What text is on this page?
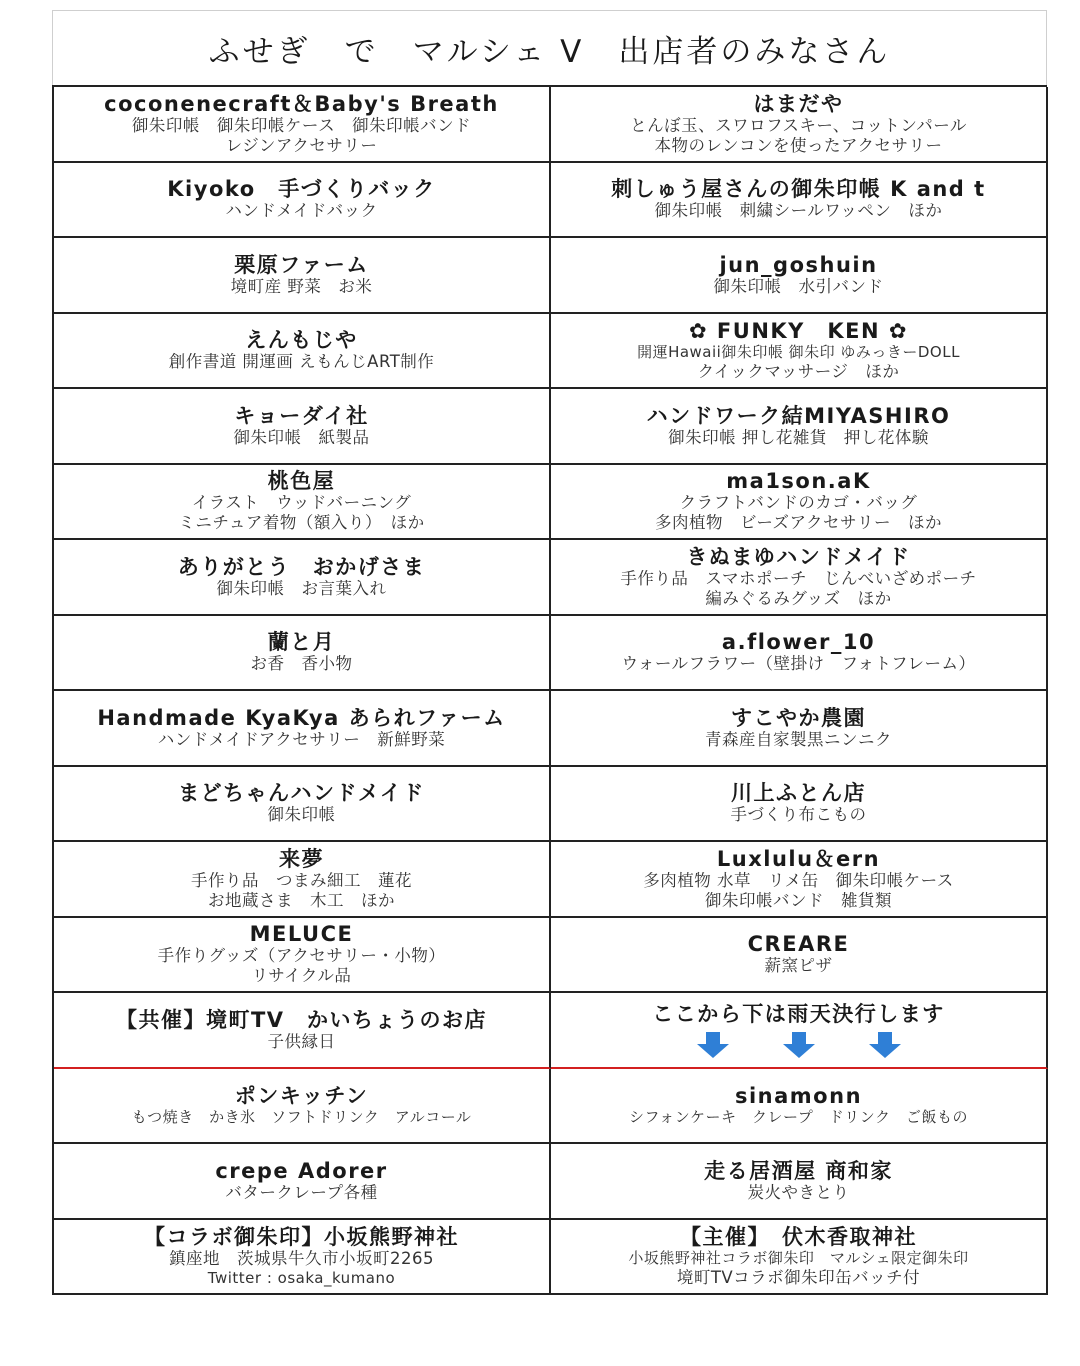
ふせぎ　で　マルシェ V　出店者のみなさん
coconenecraft＆Baby's Breath
御朱印帳　御朱印帳ケース　御朱印帳バンド
レジンアクセサリー
はまだや
とんぼ玉、スワロフスキー、コットンパール
本物のレンコンを使ったアクセサリー
Kiyoko　手づくりバック
ハンドメイドバック
刺しゅう屋さんの御朱印帳 K and t
御朱印帳　刺繍シールワッペン　ほか
栗原ファーム
境町産 野菜　お米
jun_goshuin
御朱印帳　水引バンド
えんもじや
創作書道 開運画 えもんじART制作
✿ FUNKY　KEN ✿
開運Hawaii御朱印帳 御朱印 ゆみっきーDOLL
クイックマッサージ　ほか
キョーダイ社
御朱印帳　紙製品
ハンドワーク結MIYASHIRO
御朱印帳 押し花雑貨　押し花体験
桃色屋
イラスト　ウッドバーニング
ミニチュア着物（額入り）　ほか
ma1son.aK
クラフトバンドのカゴ・バッグ
多肉植物　ビーズアクセサリー　ほか
ありがとう　おかげさま
御朱印帳　お言葉入れ
きぬまゆハンドメイド
手作り品　スマホポーチ　じんべいざめポーチ
編みぐるみグッズ　ほか
蘭と月
お香　香小物
a.flower_10
ウォールフラワー（壁掛け　フォトフレーム）
Handmade KyaKya あられファーム
ハンドメイドアクセサリー　新鮮野菜
すこやか農園
青森産自家製黒ニンニク
まどちゃんハンドメイド
御朱印帳
川上ふとん店
手づくり布こもの
来夢
手作り品　つまみ細工　蓮花
お地蔵さま　木工　ほか
Luxlulu＆ern
多肉植物 水草　リメ缶　御朱印帳ケース
御朱印帳バンド　雑貨類
MELUCE
手作りグッズ（アクセサリー・小物）
リサイクル品
CREARE
薪窯ピザ
【共催】境町TV　かいちょうのお店
子供縁日
ここから下は雨天決行します
ポンキッチン
もつ焼き　かき氷　ソフトドリンク　アルコール
sinamonn
シフォンケーキ　クレープ　ドリンク　ご飯もの
crepe Adorer
バタークレープ各種
走る居酒屋 商和家
炭火やきとり
【コラボ御朱印】小坂熊野神社
鎮座地　茨城県牛久市小坂町2265
Twitter : osaka_kumano
【主催】　伏木香取神社
小坂熊野神社コラボ御朱印　マルシェ限定御朱印
境町TVコラボ御朱印缶バッチ付
